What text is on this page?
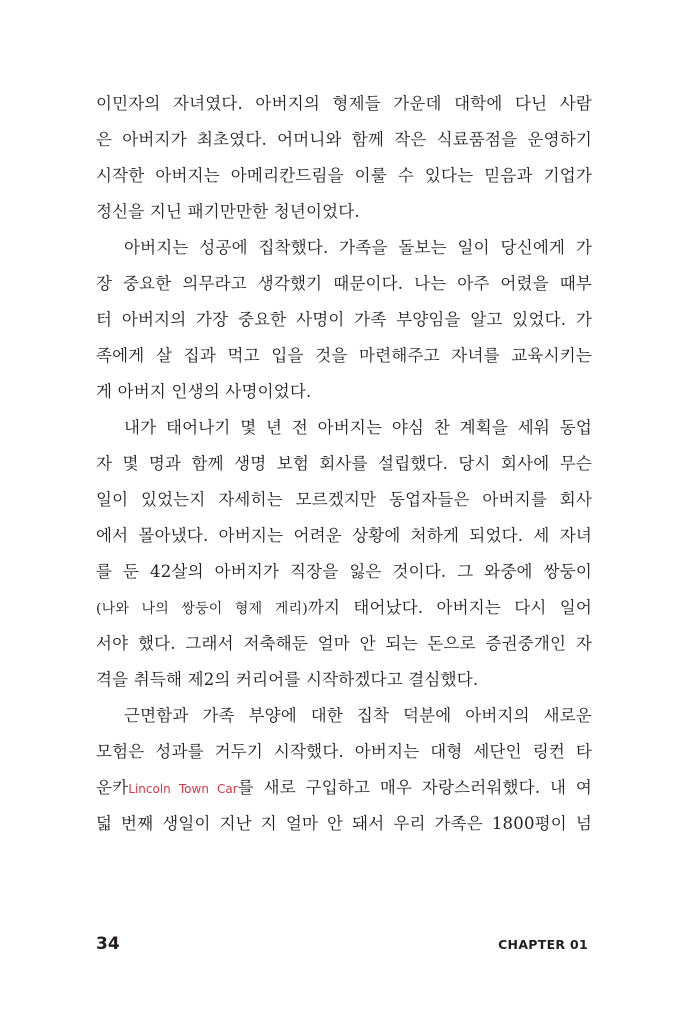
이민자의 자녀였다. 아버지의 형제들 가운데 대학에 다닌 사람
은 아버지가 최초였다. 어머니와 함께 작은 식료품점을 운영하기
시작한 아버지는 아메리칸드림을 이룰 수 있다는 믿음과 기업가
정신을 지닌 패기만만한 청년이었다.
아버지는 성공에 집착했다. 가족을 돌보는 일이 당신에게 가
장 중요한 의무라고 생각했기 때문이다. 나는 아주 어렸을 때부
터 아버지의 가장 중요한 사명이 가족 부양임을 알고 있었다. 가
족에게 살 집과 먹고 입을 것을 마련해주고 자녀를 교육시키는
게 아버지 인생의 사명이었다.
내가 태어나기 몇 년 전 아버지는 야심 찬 계획을 세워 동업
자 몇 명과 함께 생명 보험 회사를 설립했다. 당시 회사에 무슨
일이 있었는지 자세히는 모르겠지만 동업자들은 아버지를 회사
에서 몰아냈다. 아버지는 어려운 상황에 처하게 되었다. 세 자녀
를 둔 42살의 아버지가 직장을 잃은 것이다. 그 와중에 쌍둥이
(나와 나의 쌍둥이 형제 게리)까지 태어났다. 아버지는 다시 일어
서야 했다. 그래서 저축해둔 얼마 안 되는 돈으로 증권중개인 자
격을 취득해 제2의 커리어를 시작하겠다고 결심했다.
근면함과 가족 부양에 대한 집착 덕분에 아버지의 새로운
모험은 성과를 거두기 시작했다. 아버지는 대형 세단인 링컨 타
운카Lincoln Town Car를 새로 구입하고 매우 자랑스러워했다. 내 여
덟 번째 생일이 지난 지 얼마 안 돼서 우리 가족은 1800평이 넘
34	CHAPTER 01
